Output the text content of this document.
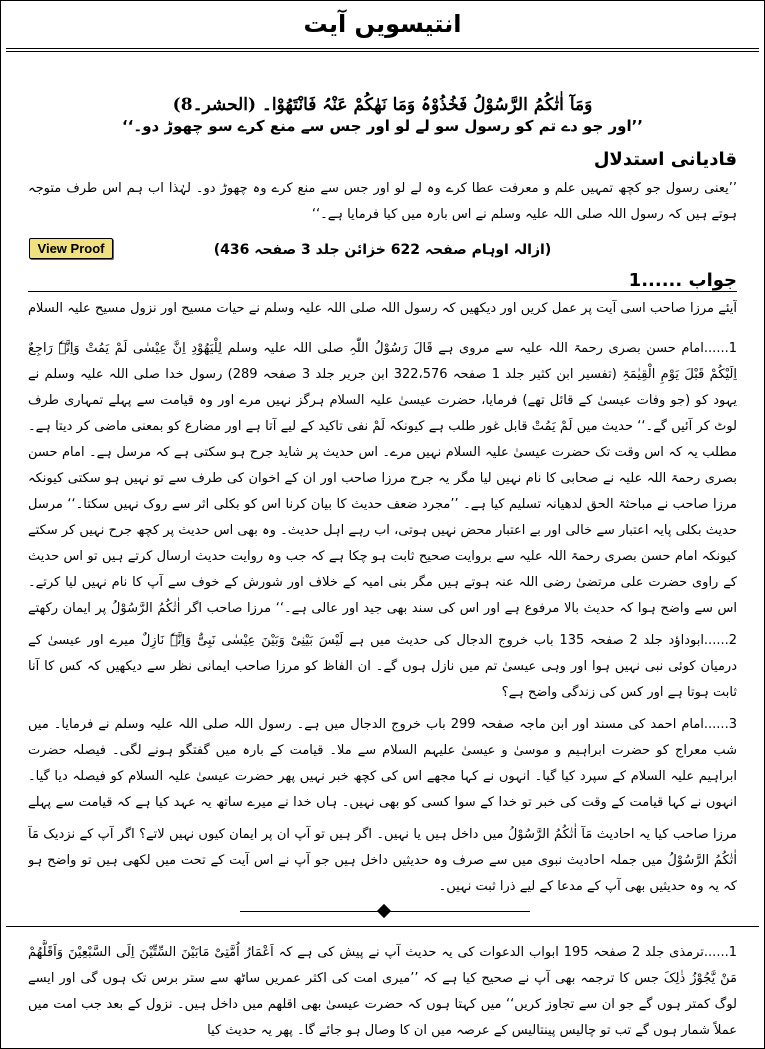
انتیسویں آیت
وَمَآ اٰتٰکُمُ الرَّسُوْلُ فَخُذُوْہُ وَمَا نَھٰکُمْ عَنْہُ فَانْتَھُوْا۔ (الحشر۔8)
’’اور جو دے تم کو رسول سو لے لو اور جس سے منع کرے سو چھوڑ دو۔‘‘
قادیانی استدلال
’’یعنی رسول جو کچھ تمہیں علم و معرفت عطا کرے وہ لے لو اور جس سے منع کرے وہ چھوڑ دو۔ لہٰذا اب ہم اس طرف متوجہ ہوتے ہیں کہ رسول اللہ صلی اللہ علیہ وسلم نے اس بارہ میں کیا فرمایا ہے۔‘‘
View Proof	(ازالہ اوہام صفحہ 622 خزائن جلد 3 صفحہ 436)
جواب ......1
آیئے مرزا صاحب اسی آیت پر عمل کریں اور دیکھیں کہ رسول اللہ صلی اللہ علیہ وسلم نے حیات مسیح اور نزول مسیح علیہ السلام
1......امام حسن بصری رحمۃ اللہ علیہ سے مروی ہے قَالَ رَسُوْلُ اللّٰہِ صلی اللہ علیہ وسلم لِلْیَھُوْدِ اِنَّ عِیْسٰی لَمْ یَمُتْ وَاِنَّہٗ رَاجِعٌ اِلَیْکُمْ قَبْلَ یَوْمِ الْقِیٰمَۃِ (تفسیر ابن کثیر جلد 1 صفحہ 322،576 ابن جریر جلد 3 صفحہ 289) رسول خدا صلی اللہ علیہ وسلم نے یہود کو (جو وفات عیسیٰ کے قائل تھے) فرمایا، حضرت عیسیٰ علیہ السلام ہرگز نہیں مرے اور وہ قیامت سے پہلے تمہاری طرف لوٹ کر آئیں گے۔‘‘ حدیث میں لَمْ یَمُتْ قابل غور طلب ہے کیونکہ لَمْ نفی تاکید کے لیے آتا ہے اور مضارع کو بمعنی ماضی کر دیتا ہے۔ مطلب یہ کہ اس وقت تک حضرت عیسیٰ علیہ السلام نہیں مرے۔ اس حدیث پر شاید جرح ہو سکتی ہے کہ مرسل ہے۔ امام حسن بصری رحمۃ اللہ علیہ نے صحابی کا نام نہیں لیا مگر یہ جرح مرزا صاحب اور ان کے اخوان کی طرف سے تو نہیں ہو سکتی کیونکہ مرزا صاحب نے مباحثۃ الحق لدھیانہ تسلیم کیا ہے۔ ’’مجرد ضعف حدیث کا بیان کرنا اس کو بکلی اثر سے روک نہیں سکتا۔‘‘ مرسل حدیث بکلی پایہ اعتبار سے خالی اور بے اعتبار محض نہیں ہوتی، اب رہے اہل حدیث۔ وہ بھی اس حدیث پر کچھ جرح نہیں کر سکتے کیونکہ امام حسن بصری رحمۃ اللہ علیہ سے بروایت صحیح ثابت ہو چکا ہے کہ جب وہ روایت حدیث ارسال کرتے ہیں تو اس حدیث کے راوی حضرت علی مرتضیٰ رضی اللہ عنہ ہوتے ہیں مگر بنی امیہ کے خلاف اور شورش کے خوف سے آپ کا نام نہیں لیا کرتے۔ اس سے واضح ہوا کہ حدیث بالا مرفوع ہے اور اس کی سند بھی جید اور عالی ہے۔‘‘ مرزا صاحب اگر اٰتٰکُمُ الرَّسُوْلُ پر ایمان رکھتے
2......ابوداؤد جلد 2 صفحہ 135 باب خروج الدجال کی حدیث میں ہے لَیْسَ بَیْنِیْ وَبَیْنَ عِیْسٰی نَبِیٌّ وَاِنَّہٗ نَازِلٌ میرے اور عیسیٰ کے درمیان کوئی نبی نہیں ہوا اور وہی عیسیٰ تم میں نازل ہوں گے۔ ان الفاظ کو مرزا صاحب ایمانی نظر سے دیکھیں کہ کس کا آنا ثابت ہوتا ہے اور کس کی زندگی واضح ہے؟
3......امام احمد کی مسند اور ابن ماجہ صفحہ 299 باب خروج الدجال میں ہے۔ رسول اللہ صلی اللہ علیہ وسلم نے فرمایا۔ میں شب معراج کو حضرت ابراہیم و موسیٰ و عیسیٰ علیہم السلام سے ملا۔ قیامت کے بارہ میں گفتگو ہونے لگی۔ فیصلہ حضرت ابراہیم علیہ السلام کے سپرد کیا گیا۔ انہوں نے کہا مجھے اس کی کچھ خبر نہیں پھر حضرت عیسیٰ علیہ السلام کو فیصلہ دیا گیا۔ انہوں نے کہا قیامت کے وقت کی خبر تو خدا کے سوا کسی کو بھی نہیں۔ ہاں خدا نے میرے ساتھ یہ عہد کیا ہے کہ قیامت سے پہلے
مرزا صاحب کیا یہ احادیث مَآ اٰتٰکُمُ الرَّسُوْلُ میں داخل ہیں یا نہیں۔ اگر ہیں تو آپ ان پر ایمان کیوں نہیں لاتے؟ اگر آپ کے نزدیک مَآ اٰتٰکُمُ الرَّسُوْلُ میں جملہ احادیث نبوی میں سے صرف وہ حدیثیں داخل ہیں جو آپ نے اس آیت کے تحت میں لکھی ہیں تو واضح ہو کہ یہ وہ حدیثیں بھی آپ کے مدعا کے لیے ذرا ثبت نہیں۔
1......ترمذی جلد 2 صفحہ 195 ابواب الدعوات کی یہ حدیث آپ نے پیش کی ہے کہ اَعْمَارُ اُمَّتِیْ مَابَیْنَ السِّتِّیْنَ اِلَی السَّبْعِیْنَ وَاَقَلُّھُمْ مَنْ یَّجُوْزُ ذٰلِکَ جس کا ترجمہ بھی آپ نے صحیح کیا ہے کہ ’’میری امت کی اکثر عمریں ساٹھ سے ستر برس تک ہوں گی اور ایسے لوگ کمتر ہوں گے جو ان سے تجاوز کریں‘‘ میں کہتا ہوں کہ حضرت عیسیٰ بھی اقلھم میں داخل ہیں۔ نزول کے بعد جب امت میں عملاً شمار ہوں گے تب تو چالیس پینتالیس کے عرصہ میں ان کا وصال ہو جائے گا۔ پھر یہ حدیث کیا
